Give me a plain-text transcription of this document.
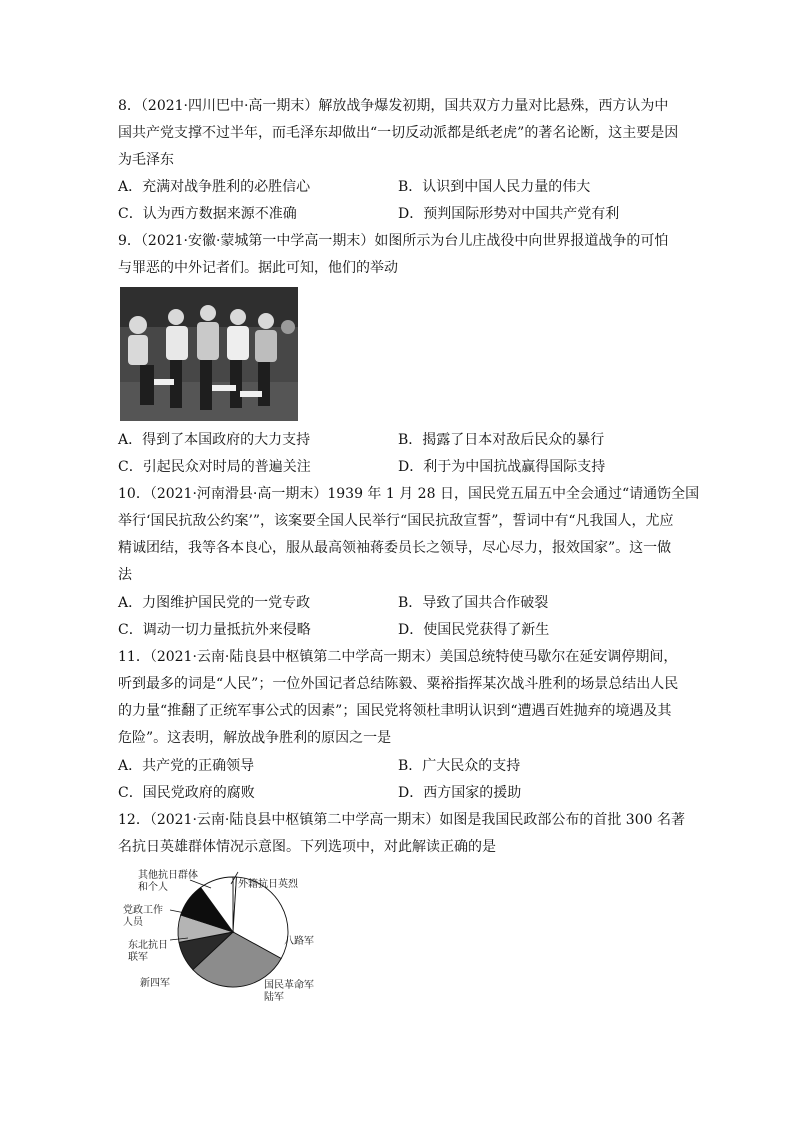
8．（2021·四川巴中·高一期末）解放战争爆发初期，国共双方力量对比悬殊，西方认为中
国共产党支撑不过半年，而毛泽东却做出“一切反动派都是纸老虎”的著名论断，这主要是因
为毛泽东
A．充满对战争胜利的必胜信心	B．认识到中国人民力量的伟大
C．认为西方数据来源不准确	D．预判国际形势对中国共产党有利
9．（2021·安徽·蒙城第一中学高一期末）如图所示为台儿庄战役中向世界报道战争的可怕
与罪恶的中外记者们。据此可知，他们的举动
A．得到了本国政府的大力支持	B．揭露了日本对敌后民众的暴行
C．引起民众对时局的普遍关注	D．利于为中国抗战赢得国际支持
10．（2021·河南滑县·高一期末）1939 年 1 月 28 日，国民党五届五中全会通过“请通饬全国
举行‘国民抗敌公约案’”，该案要全国人民举行“国民抗敌宣誓”，誓词中有“凡我国人，尤应
精诚团结，我等各本良心，服从最高领袖蒋委员长之领导，尽心尽力，报效国家”。这一做
法
A．力图维护国民党的一党专政	B．导致了国共合作破裂
C．调动一切力量抵抗外来侵略	D．使国民党获得了新生
11．（2021·云南·陆良县中枢镇第二中学高一期末）美国总统特使马歇尔在延安调停期间，
听到最多的词是“人民”；一位外国记者总结陈毅、粟裕指挥某次战斗胜利的场景总结出人民
的力量“推翻了正统军事公式的因素”；国民党将领杜聿明认识到“遭遇百姓抛弃的境遇及其
危险”。这表明，解放战争胜利的原因之一是
A．共产党的正确领导	B．广大民众的支持
C．国民党政府的腐败	D．西方国家的援助
12．（2021·云南·陆良县中枢镇第二中学高一期末）如图是我国民政部公布的首批 300 名著
名抗日英雄群体情况示意图。下列选项中，对此解读正确的是
其他抗日群体
和个人	外籍抗日英烈
党政工作
人员
东北抗日
联军
新四军
八路军
国民革命军
陆军
